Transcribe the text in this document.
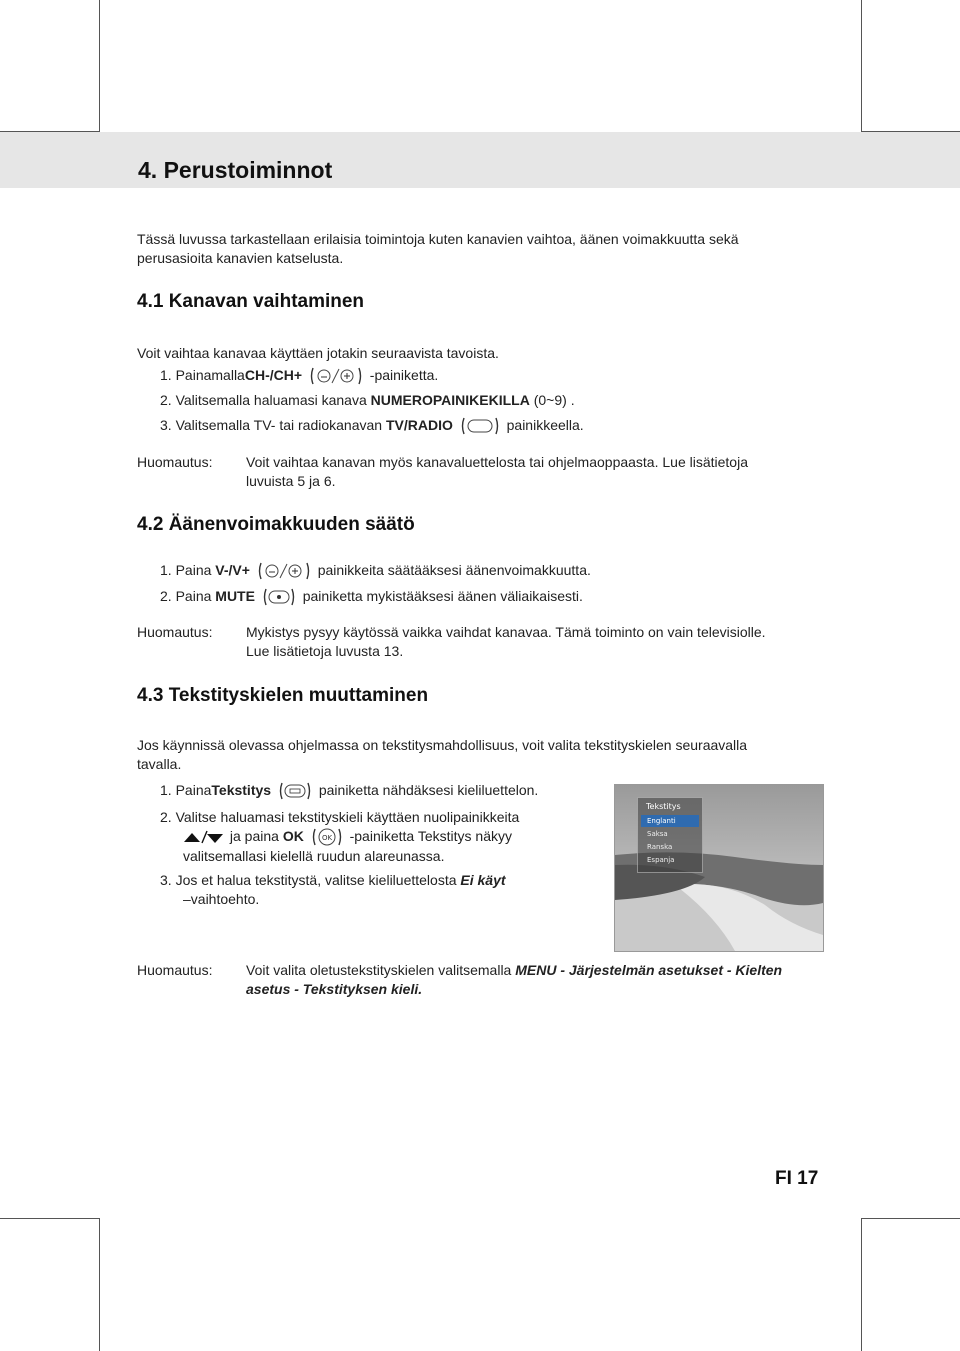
4. Perustoiminnot
Tässä luvussa tarkastellaan erilaisia toimintoja kuten kanavien vaihtoa, äänen voimakkuutta sekä
perusasioita kanavien katselusta.
4.1 Kanavan vaihtaminen
Voit vaihtaa kanavaa käyttäen jotakin seuraavista tavoista.
1. PainamallaCH-/CH+	-painiketta.
2. Valitsemalla haluamasi kanava NUMEROPAINIKEKILLA (0~9) .
3. Valitsemalla TV- tai radiokanavan TV/RADIO	painikkeella.
Huomautus: Voit vaihtaa kanavan myös kanavaluettelosta tai ohjelmaoppaasta. Lue lisätietoja
luvuista 5 ja 6.
4.2 Äänenvoimakkuuden säätö
1. Paina V-/V+	painikkeita säätääksesi äänenvoimakkuutta.
2. Paina MUTE	painiketta mykistääksesi äänen väliaikaisesti.
Huomautus: Mykistys pysyy käytössä vaikka vaihdat kanavaa. Tämä toiminto on vain televisiolle.
Lue lisätietoja luvusta 13.
4.3 Tekstityskielen muuttaminen
Jos käynnissä olevassa ohjelmassa on tekstitysmahdollisuus, voit valita tekstityskielen seuraavalla
tavalla.
1. PainaTekstitys	painiketta nähdäksesi kieliluettelon.
2. Valitse haluamasi tekstityskieli käyttäen nuolipainikkeita
ja paina OK	OK -painiketta Tekstitys näkyy
valitsemallasi kielellä ruudun alareunassa.
3. Jos et halua tekstitystä, valitse kieliluettelosta Ei käyt
–vaihtoehto.
Tekstitys
Englanti
Saksa
Ranska
Espanja
Huomautus: Voit valita oletustekstityskielen valitsemalla MENU - Järjestelmän asetukset - Kielten
asetus - Tekstityksen kieli.
FI 17
